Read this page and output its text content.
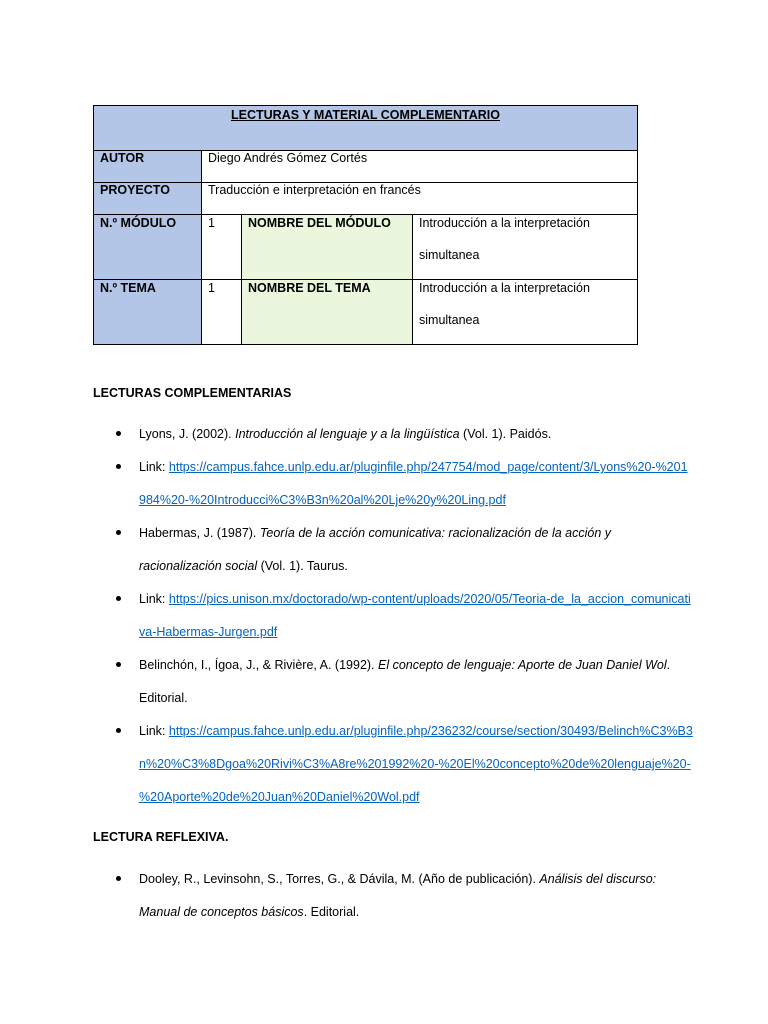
LECTURAS Y MATERIAL COMPLEMENTARIO			
AUTOR	Diego Andrés Gómez Cortés		
PROYECTO	Traducción e interpretación en francés		
N.º MÓDULO	1	NOMBRE DEL MÓDULO	Introducción a la interpretación simultanea

N.º TEMA	1	NOMBRE DEL TEMA	Introducción a la interpretación simultanea
LECTURAS COMPLEMENTARIAS
Lyons, J. (2002). Introducción al lenguaje y a la lingüística (Vol. 1). Paidós.
Link: https://campus.fahce.unlp.edu.ar/pluginfile.php/247754/mod_page/content/3/Lyons%20-%201984%20-%20Introducci%C3%B3n%20al%20Lje%20y%20Ling.pdf
Habermas, J. (1987). Teoría de la acción comunicativa: racionalización de la acción y racionalización social (Vol. 1). Taurus.
Link: https://pics.unison.mx/doctorado/wp-content/uploads/2020/05/Teoria-de_la_accion_comunicativa-Habermas-Jurgen.pdf
Belinchón, I., Ígoa, J., & Rivière, A. (1992). El concepto de lenguaje: Aporte de Juan Daniel Wol. Editorial.
Link: https://campus.fahce.unlp.edu.ar/pluginfile.php/236232/course/section/30493/Belinch%C3%B3n%20%C3%8Dgoa%20Rivi%C3%A8re%201992%20-%20El%20concepto%20de%20lenguaje%20-%20Aporte%20de%20Juan%20Daniel%20Wol.pdf
LECTURA REFLEXIVA.
Dooley, R., Levinsohn, S., Torres, G., & Dávila, M. (Año de publicación). Análisis del discurso: Manual de conceptos básicos. Editorial.
